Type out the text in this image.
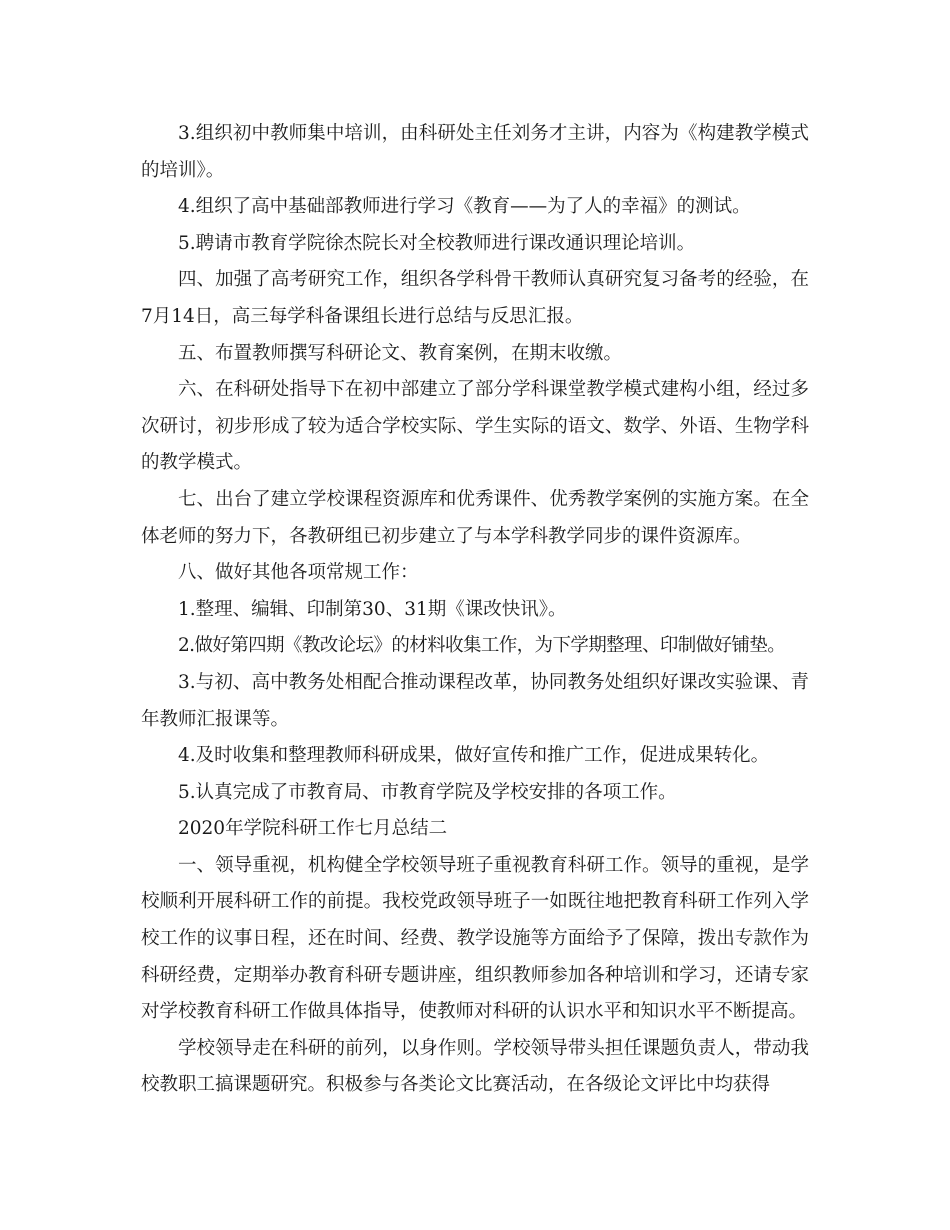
3.组织初中教师集中培训，由科研处主任刘务才主讲，内容为《构建教学模式的培训》。

4.组织了高中基础部教师进行学习《教育——为了人的幸福》的测试。

5.聘请市教育学院徐杰院长对全校教师进行课改通识理论培训。

四、加强了高考研究工作，组织各学科骨干教师认真研究复习备考的经验，在7月14日，高三每学科备课组长进行总结与反思汇报。

五、布置教师撰写科研论文、教育案例，在期末收缴。

六、在科研处指导下在初中部建立了部分学科课堂教学模式建构小组，经过多次研讨，初步形成了较为适合学校实际、学生实际的语文、数学、外语、生物学科的教学模式。

七、出台了建立学校课程资源库和优秀课件、优秀教学案例的实施方案。在全体老师的努力下，各教研组已初步建立了与本学科教学同步的课件资源库。

八、做好其他各项常规工作：

1.整理、编辑、印制第30、31期《课改快讯》。

2.做好第四期《教改论坛》的材料收集工作，为下学期整理、印制做好铺垫。

3.与初、高中教务处相配合推动课程改革，协同教务处组织好课改实验课、青年教师汇报课等。

4.及时收集和整理教师科研成果，做好宣传和推广工作，促进成果转化。

5.认真完成了市教育局、市教育学院及学校安排的各项工作。

2020年学院科研工作七月总结二

一、领导重视，机构健全学校领导班子重视教育科研工作。领导的重视，是学校顺利开展科研工作的前提。我校党政领导班子一如既往地把教育科研工作列入学校工作的议事日程，还在时间、经费、教学设施等方面给予了保障，拨出专款作为科研经费，定期举办教育科研专题讲座，组织教师参加各种培训和学习，还请专家对学校教育科研工作做具体指导，使教师对科研的认识水平和知识水平不断提高。

学校领导走在科研的前列，以身作则。学校领导带头担任课题负责人，带动我校教职工搞课题研究。积极参与各类论文比赛活动，在各级论文评比中均获得
